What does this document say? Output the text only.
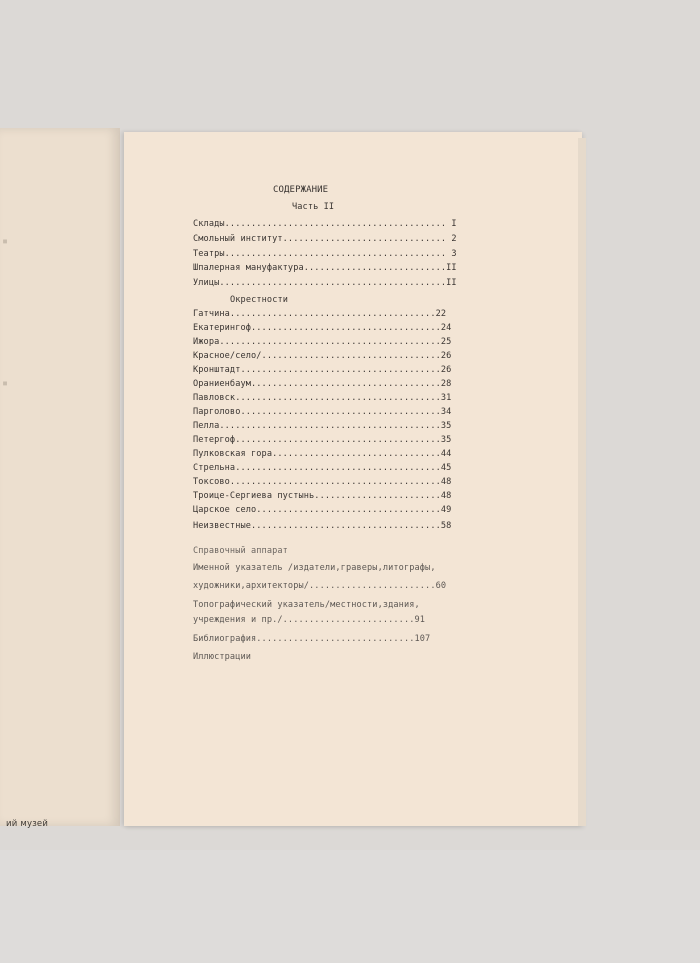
▪
▪
ий музей
СОДЕРЖАНИЕ
Часть II
Склады.......................................... I
Смольный институт............................... 2
Театры.......................................... 3
Шпалерная мануфактура...........................II
Улицы...........................................II
Окрестности
Гатчина.......................................22
Екатерингоф....................................24
Ижора..........................................25
Красное/село/..................................26
Кронштадт......................................26
Ораниенбаум....................................28
Павловск.......................................31
Парголово......................................34
Пелла..........................................35
Петергоф.......................................35
Пулковская гора................................44
Стрельна.......................................45
Токсово........................................48
Троице-Сергиева пустынь........................48
Царское село...................................49
Неизвестные....................................58
Справочный аппарат
Именной указатель /издатели,граверы,литографы,
художники,архитекторы/........................60
Топографический указатель/местности,здания,
учреждения и пр./.........................91
Библиография..............................107
Иллюстрации
